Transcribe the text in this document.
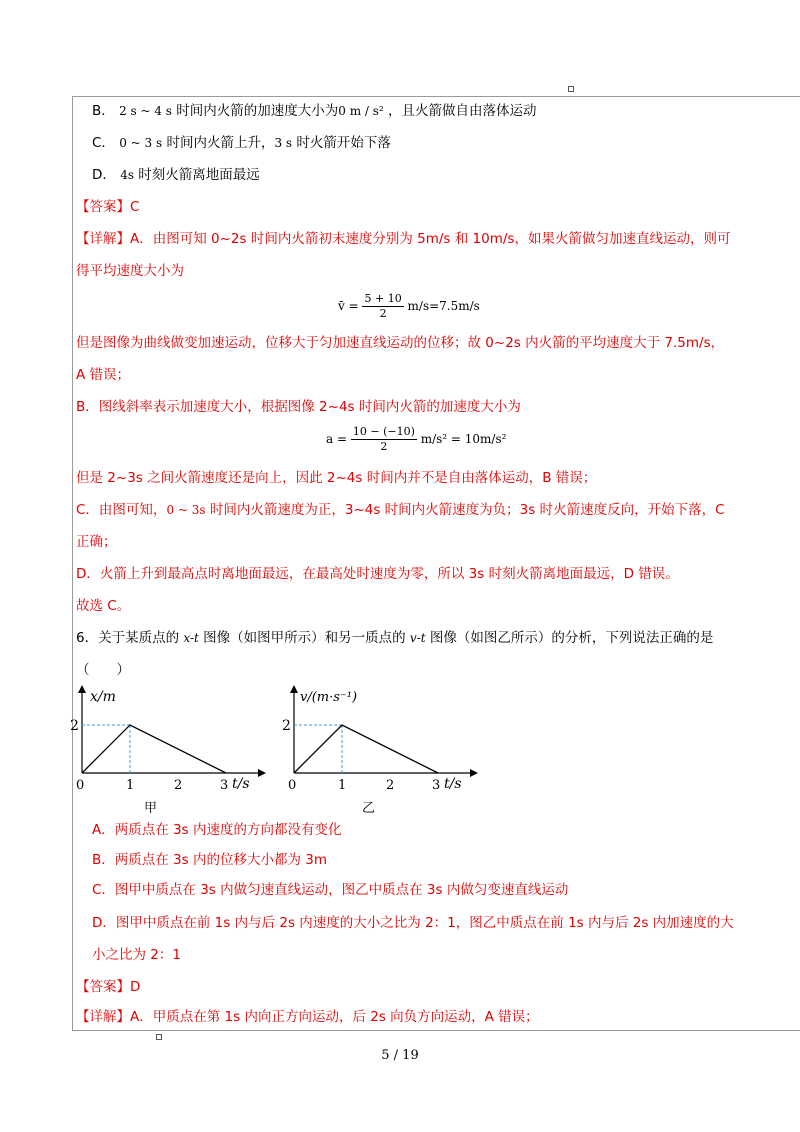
B． 2 s ~ 4 s 时间内火箭的加速度大小为0 m / s² ，且火箭做自由落体运动
C． 0 ~ 3 s 时间内火箭上升，3 s 时火箭开始下落
D． 4s 时刻火箭离地面最远
【答案】C
【详解】A．由图可知 0~2s 时间内火箭初末速度分别为 5m/s 和 10m/s，如果火箭做匀加速直线运动，则可
得平均速度大小为
v̄ = $\frac{5 + 10}{2} m/s=7.5m/s$
但是图像为曲线做变加速运动，位移大于匀加速直线运动的位移；故 0~2s 内火箭的平均速度大于 7.5m/s，
A 错误；
B．图线斜率表示加速度大小，根据图像 2~4s 时间内火箭的加速度大小为
$a = \frac{10 - (-10)}{2} m/s^2 = 10m/s^2$
但是 2~3s 之间火箭速度还是向上，因此 2~4s 时间内并不是自由落体运动，B 错误；
C．由图可知，0 ~ 3s 时间内火箭速度为正，3~4s 时间内火箭速度为负；3s 时火箭速度反向，开始下落，C
正确；
D．火箭上升到最高点时离地面最远，在最高处时速度为零，所以 3s 时刻火箭离地面最远，D 错误。
故选 C。
6．关于某质点的 x-t 图像（如图甲所示）和另一质点的 v-t 图像（如图乙所示）的分析，下列说法正确的是
（　　）
x/m
2
0	1	2	3 t/s
甲
v/(m·s⁻¹)
2
0	1	2	3 t/s
乙
A．两质点在 3s 内速度的方向都没有变化
B．两质点在 3s 内的位移大小都为 3m
C．图甲中质点在 3s 内做匀速直线运动，图乙中质点在 3s 内做匀变速直线运动
D．图甲中质点在前 1s 内与后 2s 内速度的大小之比为 2：1，图乙中质点在前 1s 内与后 2s 内加速度的大
小之比为 2：1
【答案】D
【详解】A．甲质点在第 1s 内向正方向运动，后 2s 向负方向运动，A 错误；
5 / 19
